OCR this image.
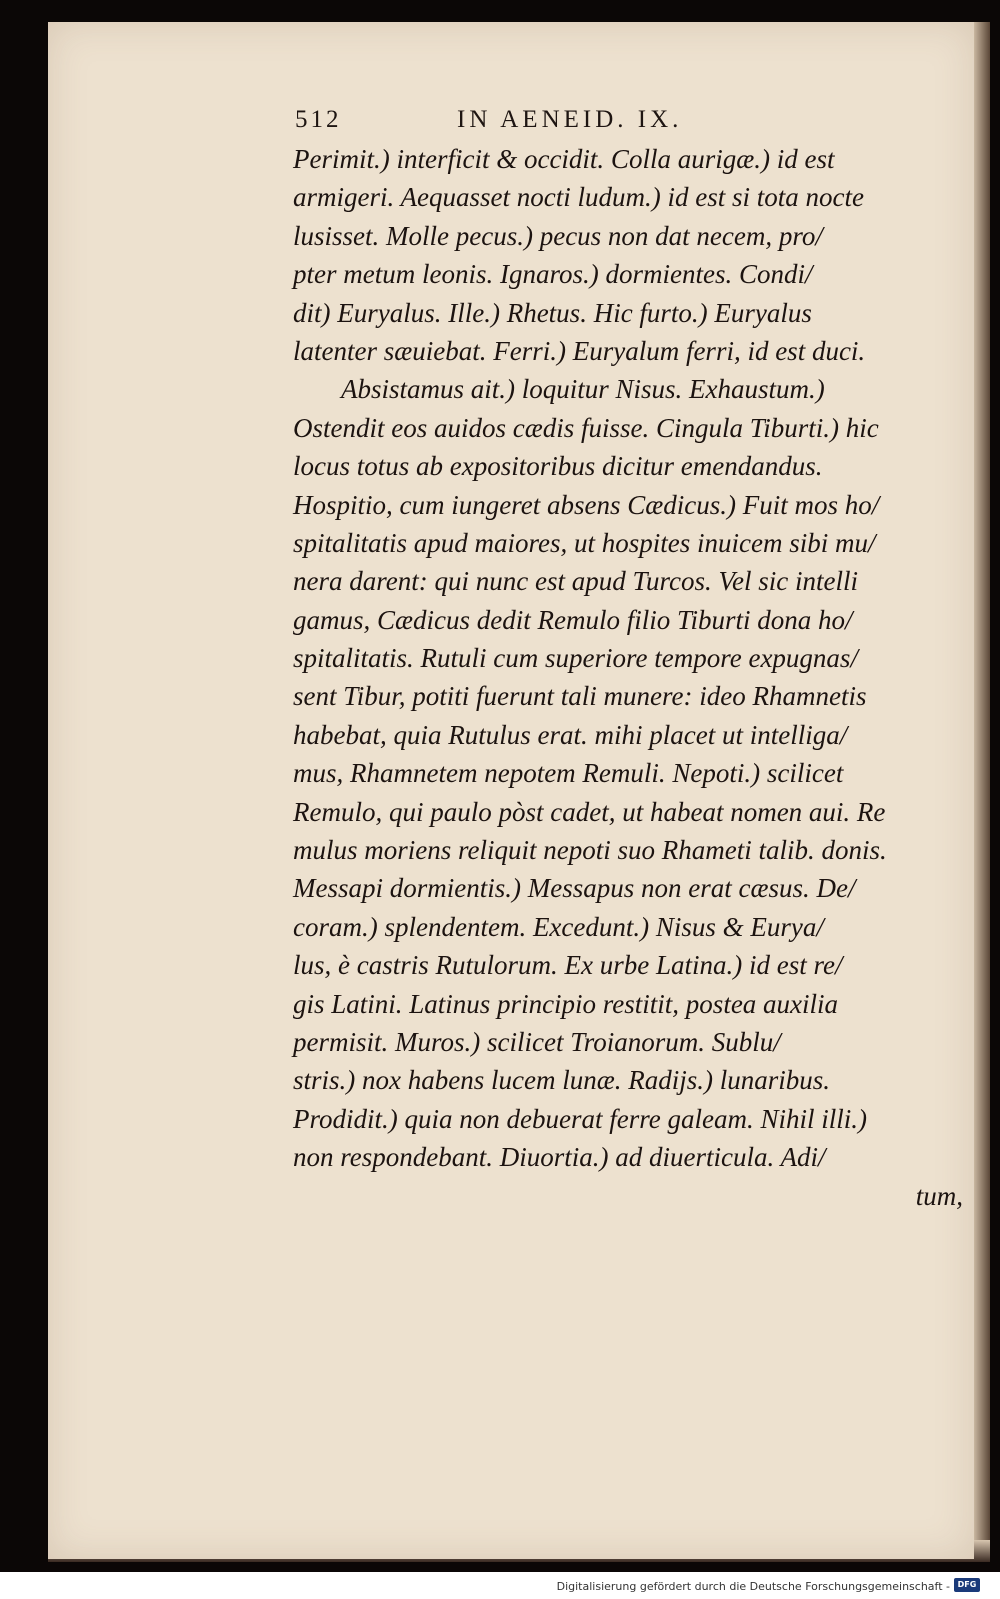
512	IN AENEID. IX.
Perimit.) interficit & occidit. Colla aurigæ.) id est
armigeri. Aequasset nocti ludum.) id est si tota nocte
lusisset. Molle pecus.) pecus non dat necem, pro/
pter metum leonis. Ignaros.) dormientes. Condi/
dit) Euryalus. Ille.) Rhetus. Hic furto.) Euryalus
latenter sæuiebat. Ferri.) Euryalum ferri, id est duci.
Absistamus ait.) loquitur Nisus. Exhaustum.)
Ostendit eos auidos cædis fuisse. Cingula Tiburti.) hic
locus totus ab expositoribus dicitur emendandus.
Hospitio, cum iungeret absens Cædicus.) Fuit mos ho/
spitalitatis apud maiores, ut hospites inuicem sibi mu/
nera darent: qui nunc est apud Turcos. Vel sic intelli
gamus, Cædicus dedit Remulo filio Tiburti dona ho/
spitalitatis. Rutuli cum superiore tempore expugnas/
sent Tibur, potiti fuerunt tali munere: ideo Rhamnetis
habebat, quia Rutulus erat. mihi placet ut intelliga/
mus, Rhamnetem nepotem Remuli. Nepoti.) scilicet
Remulo, qui paulo pòst cadet, ut habeat nomen aui. Re
mulus moriens reliquit nepoti suo Rhameti talib. donis.
Messapi dormientis.) Messapus non erat cæsus. De/
coram.) splendentem. Excedunt.) Nisus & Eurya/
lus, è castris Rutulorum. Ex urbe Latina.) id est re/
gis Latini. Latinus principio restitit, postea auxilia
permisit. Muros.) scilicet Troianorum. Sublu/
stris.) nox habens lucem lunæ. Radijs.) lunaribus.
Prodidit.) quia non debuerat ferre galeam. Nihil illi.)
non respondebant. Diuortia.) ad diuerticula. Adi/
tum,
Digitalisierung gefördert durch die Deutsche Forschungsgemeinschaft - DFG
